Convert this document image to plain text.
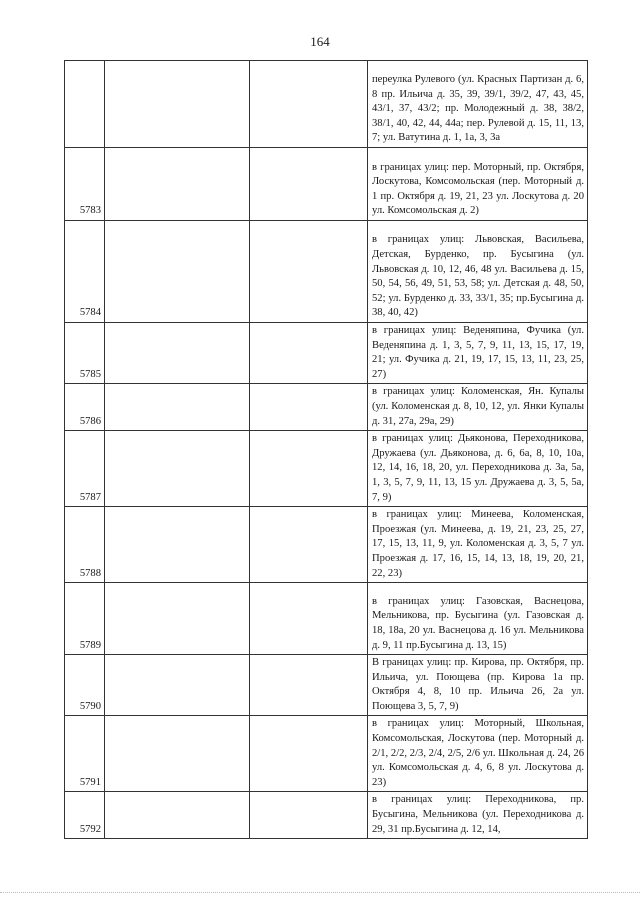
164
			переулка Рулевого (ул. Красных Партизан д. 6, 8 пр. Ильича д. 35, 39, 39/1, 39/2, 47, 43, 45, 43/1, 37, 43/2; пр. Молодежный д. 38, 38/2, 38/1, 40, 42, 44, 44а; пер. Рулевой д. 15, 11, 13, 7; ул. Ватутина д. 1, 1а, 3, 3а
5783			в границах улиц: пер. Моторный, пр. Октября, Лоскутова, Комсомольская (пер. Моторный д. 1 пр. Октября д. 19, 21, 23 ул. Лоскутова д. 20 ул. Комсомольская д. 2)
5784			в границах улиц: Львовская, Васильева, Детская, Бурденко, пр. Бусыгина (ул. Львовская д. 10, 12, 46, 48 ул. Васильева д. 15, 50, 54, 56, 49, 51, 53, 58; ул. Детская д. 48, 50, 52; ул. Бурденко д. 33, 33/1, 35; пр.Бусыгина д. 38, 40, 42)
5785			в границах улиц: Веденяпина, Фучика (ул. Веденяпина д. 1, 3, 5, 7, 9, 11, 13, 15, 17, 19, 21; ул. Фучика д. 21, 19, 17, 15, 13, 11, 23, 25, 27)
5786			в границах улиц: Коломенская, Ян. Купалы (ул. Коломенская д. 8, 10, 12, ул. Янки Купалы д. 31, 27а, 29а, 29)
5787			в границах улиц: Дьяконова, Переходникова, Дружаева (ул. Дьяконова, д. 6, 6а, 8, 10, 10а, 12, 14, 16, 18, 20, ул. Переходникова д. 3а, 5а, 1, 3, 5, 7, 9, 11, 13, 15 ул. Дружаева д. 3, 5, 5а, 7, 9)
5788			в границах улиц: Минеева, Коломенская, Проезжая (ул. Минеева, д. 19, 21, 23, 25, 27, 17, 15, 13, 11, 9, ул. Коломенская д. 3, 5, 7 ул. Проезжая д. 17, 16, 15, 14, 13, 18, 19, 20, 21, 22, 23)
5789			в границах улиц: Газовская, Васнецова, Мельникова, пр. Бусыгина (ул. Газовская д. 18, 18а, 20 ул. Васнецова д. 16 ул. Мельникова д. 9, 11 пр.Бусыгина д. 13, 15)
5790			В границах улиц: пр. Кирова, пр. Октября, пр. Ильича, ул. Поющева (пр. Кирова 1а пр. Октября 4, 8, 10 пр. Ильича 26, 2а ул. Поющева 3, 5, 7, 9)
5791			в границах улиц: Моторный, Школьная, Комсомольская, Лоскутова (пер. Моторный д. 2/1, 2/2, 2/3, 2/4, 2/5, 2/6 ул. Школьная д. 24, 26 ул. Комсомольская д. 4, 6, 8 ул. Лоскутова д. 23)
5792			в границах улиц: Переходникова, пр. Бусыгина, Мельникова (ул. Переходникова д. 29, 31 пр.Бусыгина д. 12, 14,
